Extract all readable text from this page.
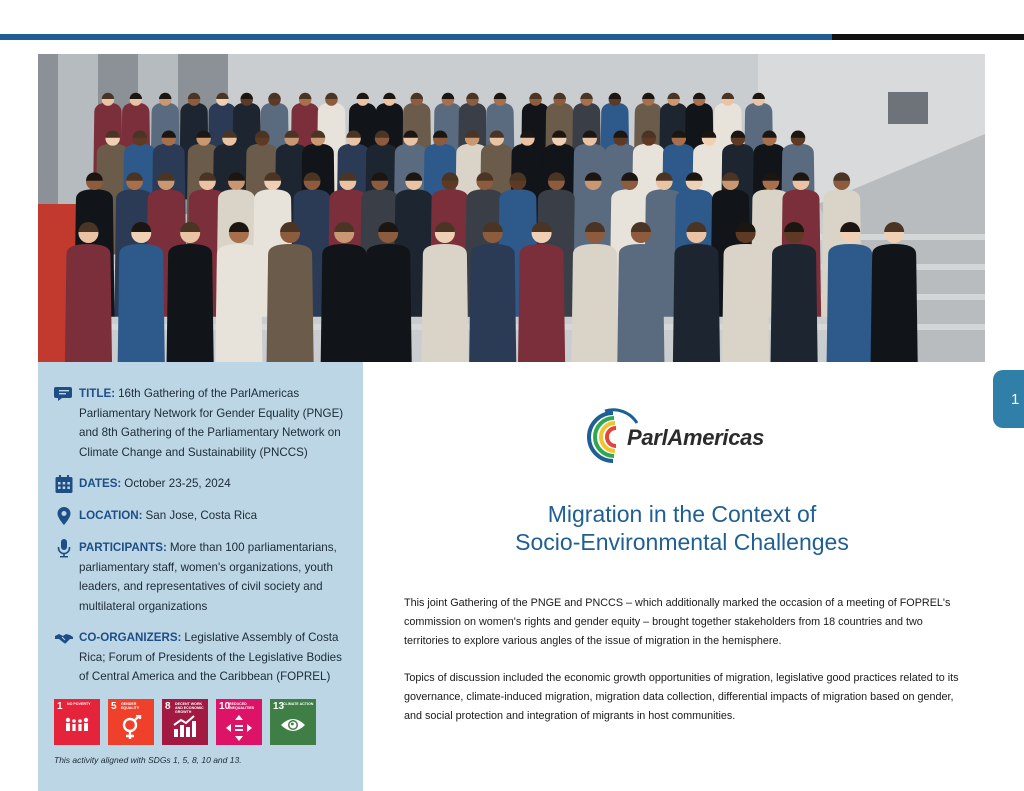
1
TITLE: 16th Gathering of the ParlAmericas Parliamentary Network for Gender Equality (PNGE) and 8th Gathering of the Parliamentary Network on Climate Change and Sustainability (PNCCS)
DATES: October 23-25, 2024
LOCATION: San Jose, Costa Rica
PARTICIPANTS: More than 100 parliamentarians, parliamentary staff, women's organizations, youth leaders, and representatives of civil society and multilateral organizations
CO-ORGANIZERS: Legislative Assembly of Costa Rica; Forum of Presidents of the Legislative Bodies of Central America and the Caribbean (FOPREL)
1 NO POVERTY	5 GENDER EQUALITY	8 DECENT WORK AND ECONOMIC GROWTH	10
REDUCED INEQUALITIES	13
CLIMATE ACTION
This activity aligned with SDGs 1, 5, 8, 10 and 13.
ParlAmericas
Migration in the Context of
Socio-Environmental Challenges

This joint Gathering of the PNGE and PNCCS – which additionally marked the occasion of a meeting of FOPREL's commission on women's rights and gender equity – brought together stakeholders from 18 countries and two territories to explore various angles of the issue of migration in the hemisphere.

Topics of discussion included the economic growth opportunities of migration, legislative good practices related to its governance, climate-induced migration, migration data collection, differential impacts of migration based on gender, and social protection and integration of migrants in host communities.
